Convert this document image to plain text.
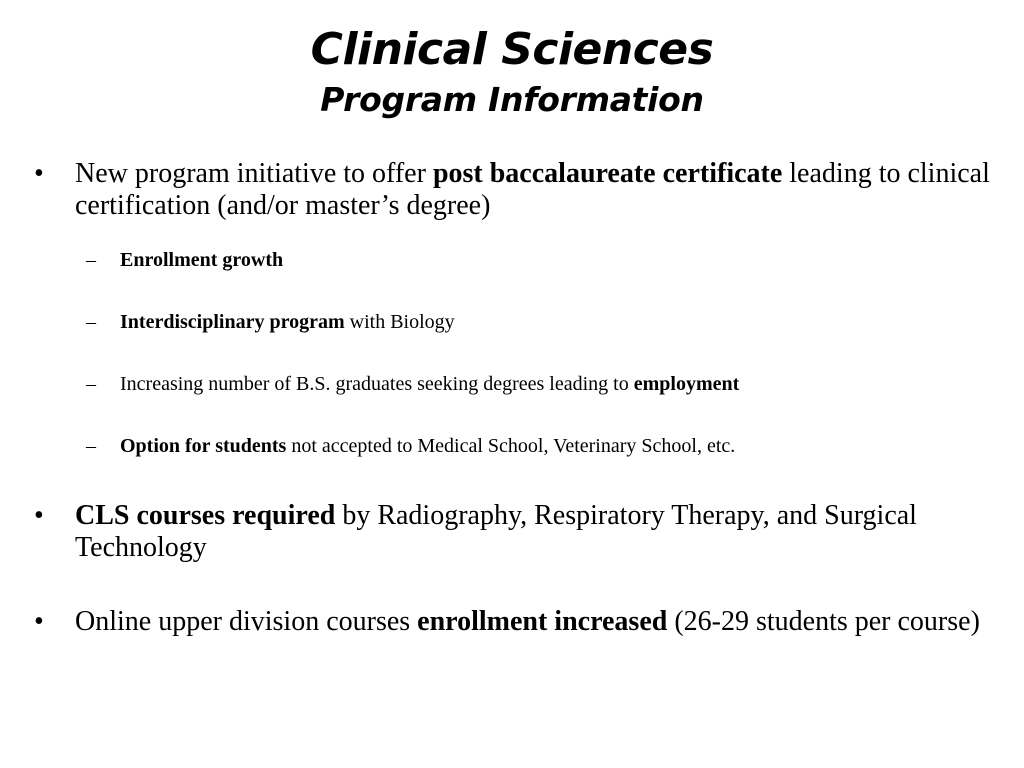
Clinical Sciences
Program Information
•	New program initiative to offer post baccalaureate certificate leading to clinical certification (and/or master’s degree)
– Enrollment growth
– Interdisciplinary program with Biology
– Increasing number of B.S. graduates seeking degrees leading to employment
– Option for students not accepted to Medical School, Veterinary School, etc.
•	CLS courses required by Radiography, Respiratory Therapy, and Surgical Technology
•	Online upper division courses enrollment increased (26-29 students per course)
